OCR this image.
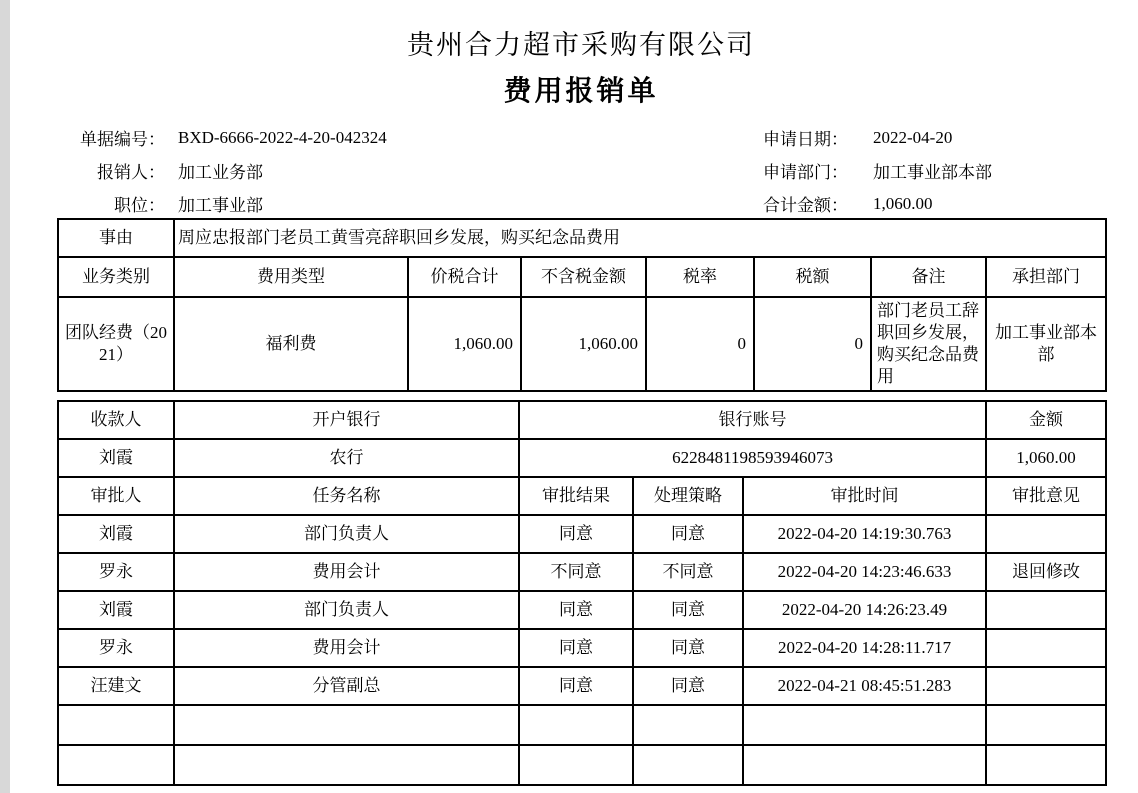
贵州合力超市采购有限公司
费用报销单
单据编号： BXD-6666-2022-4-20-042324
报销人： 加工业务部
职位： 加工事业部
申请日期：	2022-04-20
申请部门：	加工事业部本部
合计金额：	1,060.00
事由	周应忠报部门老员工黄雪亮辞职回乡发展，购买纪念品费用						
业务类别	费用类型	价税合计	不含税金额	税率	税额	备注	承担部门
团队经费（2021）	福利费	1,060.00	1,060.00	0	0	部门老员工辞职回乡发展，购买纪念品费用	加工事业部本部
收款人	开户银行	银行账号			金额
刘霞	农行	6228481198593946073			1,060.00
审批人	任务名称	审批结果	处理策略	审批时间	审批意见
刘霞	部门负责人	同意	同意	2022-04-20 14:19:30.763	
罗永	费用会计	不同意	不同意	2022-04-20 14:23:46.633	退回修改
刘霞	部门负责人	同意	同意	2022-04-20 14:26:23.49	
罗永	费用会计	同意	同意	2022-04-20 14:28:11.717	
汪建文	分管副总	同意	同意	2022-04-21 08:45:51.283	
